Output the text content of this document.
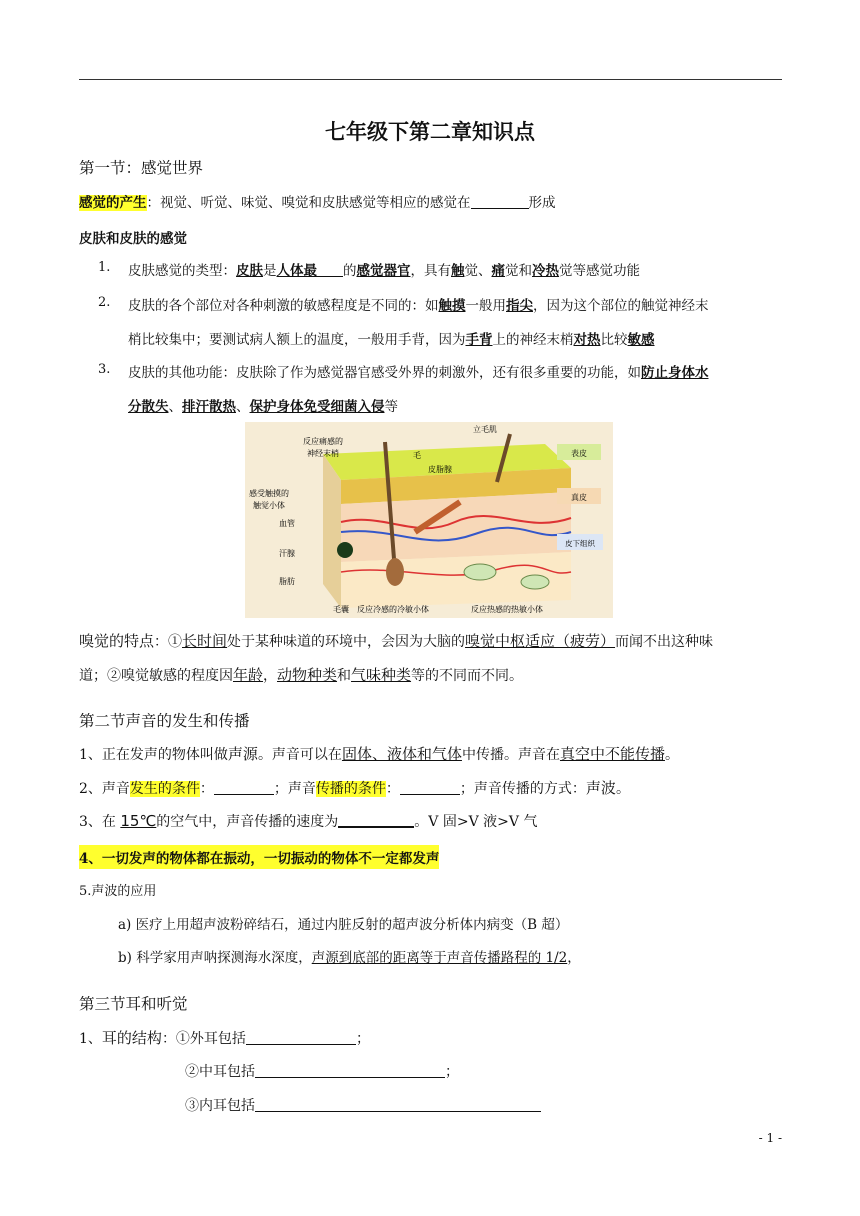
七年级下第二章知识点
第一节：感觉世界
感觉的产生：视觉、听觉、味觉、嗅觉和皮肤感觉等相应的感觉在	形成
皮肤和皮肤的感觉
1. 皮肤感觉的类型：皮肤是人体最 的感觉器官，具有触觉、痛觉和冷热觉等感觉功能
2. 皮肤的各个部位对各种刺激的敏感程度是不同的：如触摸一般用指尖，因为这个部位的触觉神经末
梢比较集中；要测试病人额上的温度，一般用手背，因为手背上的神经末梢对热比较敏感
3. 皮肤的其他功能：皮肤除了作为感觉器官感受外界的刺激外，还有很多重要的功能，如防止身体水
分散失、排汗散热、保护身体免受细菌入侵等
表皮
真皮
皮下组织
反应痛感的
神经末梢
立毛肌
毛
皮脂腺
感受触摸的
触觉小体
血管
汗腺
脂肪
毛囊 反应冷感的冷敏小体	反应热感的热敏小体
嗅觉的特点：①长时间处于某种味道的环境中，会因为大脑的嗅觉中枢适应（疲劳）而闻不出这种味
道；②嗅觉敏感的程度因年龄，动物种类和气味种类等的不同而不同。
第二节声音的发生和传播
1、正在发声的物体叫做声源。声音可以在固体、液体和气体中传播。声音在真空中不能传播。
2、声音发生的条件：	；声音传播的条件：	；声音传播的方式：声波。
3、在 15℃的空气中，声音传播的速度为	。V 固>V 液>V 气
4、一切发声的物体都在振动，一切振动的物体不一定都发声
5.声波的应用
a) 医疗上用超声波粉碎结石，通过内脏反射的超声波分析体内病变（B 超）
b) 科学家用声呐探测海水深度，声源到底部的距离等于声音传播路程的 1/2，
第三节耳和听觉
1、耳的结构：①外耳包括	；
②中耳包括	；
③内耳包括
- 1 -
